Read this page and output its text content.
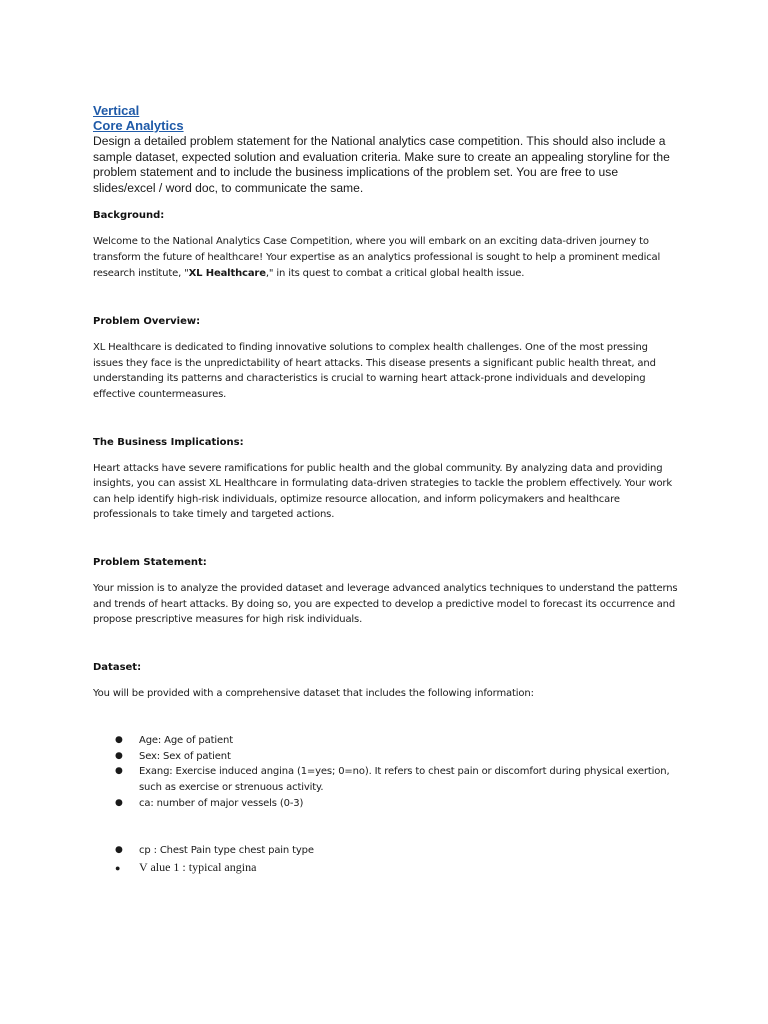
Vertical
Core Analytics

Design a detailed problem statement for the National analytics case competition. This should also include a sample dataset, expected solution and evaluation criteria. Make sure to create an appealing storyline for the problem statement and to include the business implications of the problem set. You are free to use slides/excel / word doc, to communicate the same.

Background:

Welcome to the National Analytics Case Competition, where you will embark on an exciting data-driven journey to transform the future of healthcare! Your expertise as an analytics professional is sought to help a prominent medical research institute, "XL Healthcare," in its quest to combat a critical global health issue.

Problem Overview:

XL Healthcare is dedicated to finding innovative solutions to complex health challenges. One of the most pressing issues they face is the unpredictability of heart attacks. This disease presents a significant public health threat, and understanding its patterns and characteristics is crucial to warning heart attack-prone individuals and developing effective countermeasures.

The Business Implications:

Heart attacks have severe ramifications for public health and the global community. By analyzing data and providing insights, you can assist XL Healthcare in formulating data-driven strategies to tackle the problem effectively. Your work can help identify high-risk individuals, optimize resource allocation, and inform policymakers and healthcare professionals to take timely and targeted actions.

Problem Statement:

Your mission is to analyze the provided dataset and leverage advanced analytics techniques to understand the patterns and trends of heart attacks. By doing so, you are expected to develop a predictive model to forecast its occurrence and propose prescriptive measures for high risk individuals.

Dataset:

You will be provided with a comprehensive dataset that includes the following information:

● Age: Age of patient
● Sex: Sex of patient
● Exang: Exercise induced angina (1=yes; 0=no). It refers to chest pain or discomfort during physical exertion, such as exercise or strenuous activity.
● ca: number of major vessels (0-3)
● cp : Chest Pain type chest pain type
● V alue 1 : typical angina
